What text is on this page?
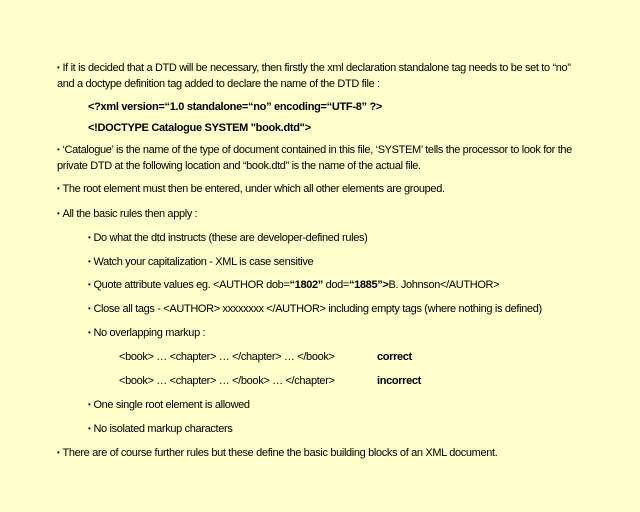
• If it is decided that a DTD will be necessary, then firstly the xml declaration standalone tag needs to be set to “no”
and a doctype definition tag added to declare the name of the DTD file :
<?xml version=“1.0 standalone=“no” encoding=“UTF-8” ?>
<!DOCTYPE Catalogue SYSTEM "book.dtd">
• ‘Catalogue’ is the name of the type of document contained in this file, ‘SYSTEM’ tells the processor to look for the
private DTD at the following location and “book.dtd” is the name of the actual file.
• The root element must then be entered, under which all other elements are grouped.
• All the basic rules then apply :
• Do what the dtd instructs (these are developer-defined rules)
• Watch your capitalization - XML is case sensitive
• Quote attribute values eg. <AUTHOR dob=“1802” dod=“1885”>B. Johnson</AUTHOR>
• Close all tags - <AUTHOR> xxxxxxxx </AUTHOR> including empty tags (where nothing is defined)
• No overlapping markup :
<book> … <chapter> … </chapter> … </book>	correct
<book> … <chapter> … </book> … </chapter>	incorrect
• One single root element is allowed
• No isolated markup characters
• There are of course further rules but these define the basic building blocks of an XML document.
